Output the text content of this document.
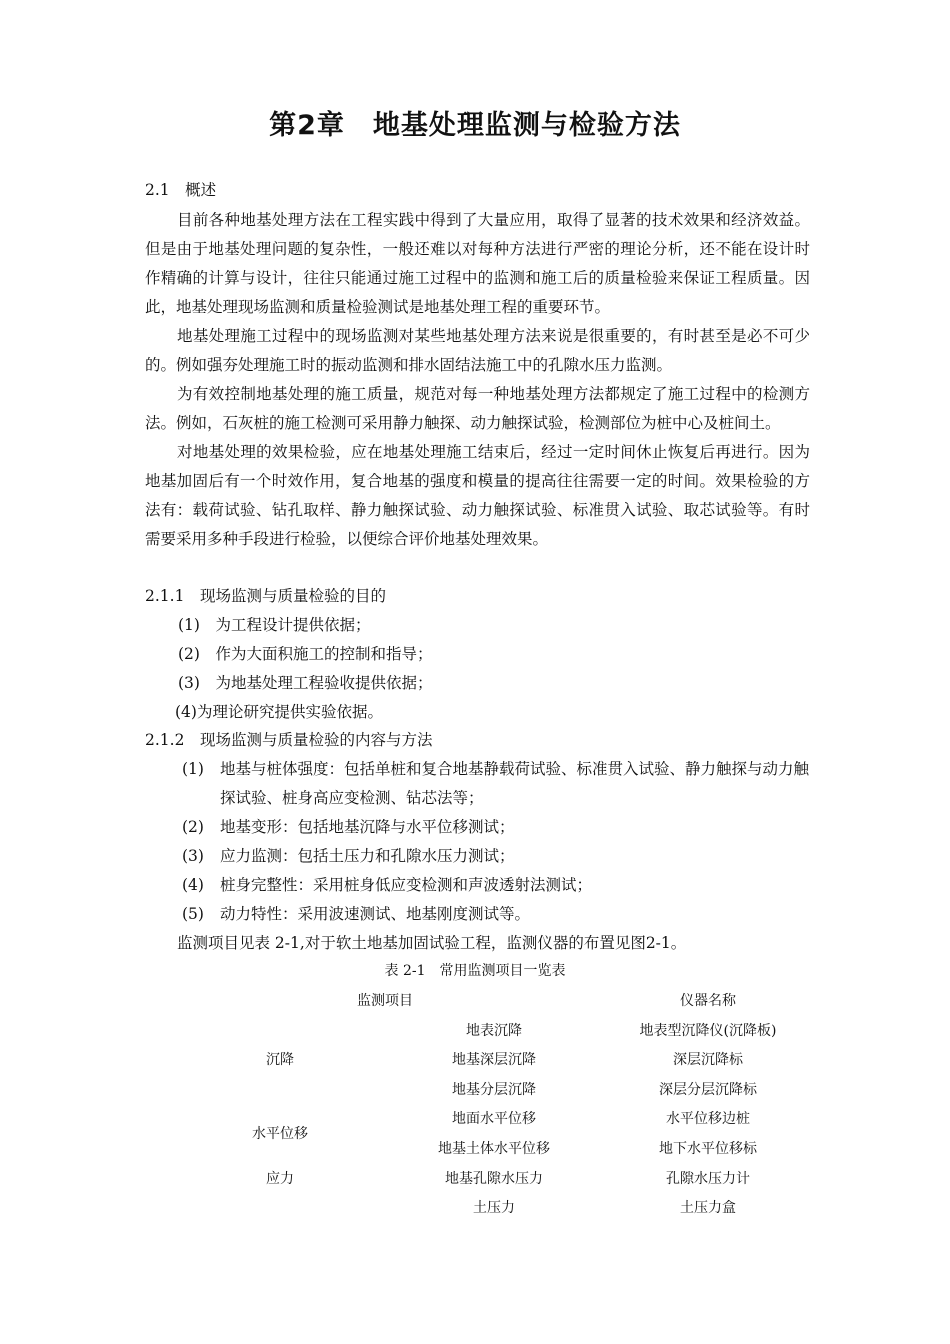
第2章　地基处理监测与检验方法
2.1　概述

目前各种地基处理方法在工程实践中得到了大量应用，取得了显著的技术效果和经济效益。但是由于地基处理问题的复杂性，一般还难以对每种方法进行严密的理论分析，还不能在设计时作精确的计算与设计，往往只能通过施工过程中的监测和施工后的质量检验来保证工程质量。因此，地基处理现场监测和质量检验测试是地基处理工程的重要环节。

地基处理施工过程中的现场监测对某些地基处理方法来说是很重要的，有时甚至是必不可少的。例如强夯处理施工时的振动监测和排水固结法施工中的孔隙水压力监测。

为有效控制地基处理的施工质量，规范对每一种地基处理方法都规定了施工过程中的检测方法。例如，石灰桩的施工检测可采用静力触探、动力触探试验，检测部位为桩中心及桩间土。

对地基处理的效果检验，应在地基处理施工结束后，经过一定时间休止恢复后再进行。因为地基加固后有一个时效作用，复合地基的强度和模量的提高往往需要一定的时间。效果检验的方法有：载荷试验、钻孔取样、静力触探试验、动力触探试验、标准贯入试验、取芯试验等。有时需要采用多种手段进行检验，以便综合评价地基处理效果。

2.1.1　现场监测与质量检验的目的
(1)　为工程设计提供依据；
(2)　作为大面积施工的控制和指导；
(3)　为地基处理工程验收提供依据；
(4)为理论研究提供实验依据。
2.1.2　现场监测与质量检验的内容与方法
(1)	地基与桩体强度：包括单桩和复合地基静载荷试验、标准贯入试验、静力触探与动力触探试验、桩身高应变检测、钻芯法等；
(2) 地基变形：包括地基沉降与水平位移测试；
(3) 应力监测：包括土压力和孔隙水压力测试；
(4) 桩身完整性：采用桩身低应变检测和声波透射法测试；
(5) 动力特性：采用波速测试、地基刚度测试等。
监测项目见表 2-1,对于软土地基加固试验工程，监测仪器的布置见图2-1。
表 2-1　常用监测项目一览表
监测项目	仪器名称
沉降
水平位移
应力
地表沉降
地基深层沉降
地基分层沉降
地面水平位移
地基土体水平位移
地基孔隙水压力
土压力
地表型沉降仪(沉降板)
深层沉降标
深层分层沉降标
水平位移边桩
地下水平位移标
孔隙水压力计
土压力盒
